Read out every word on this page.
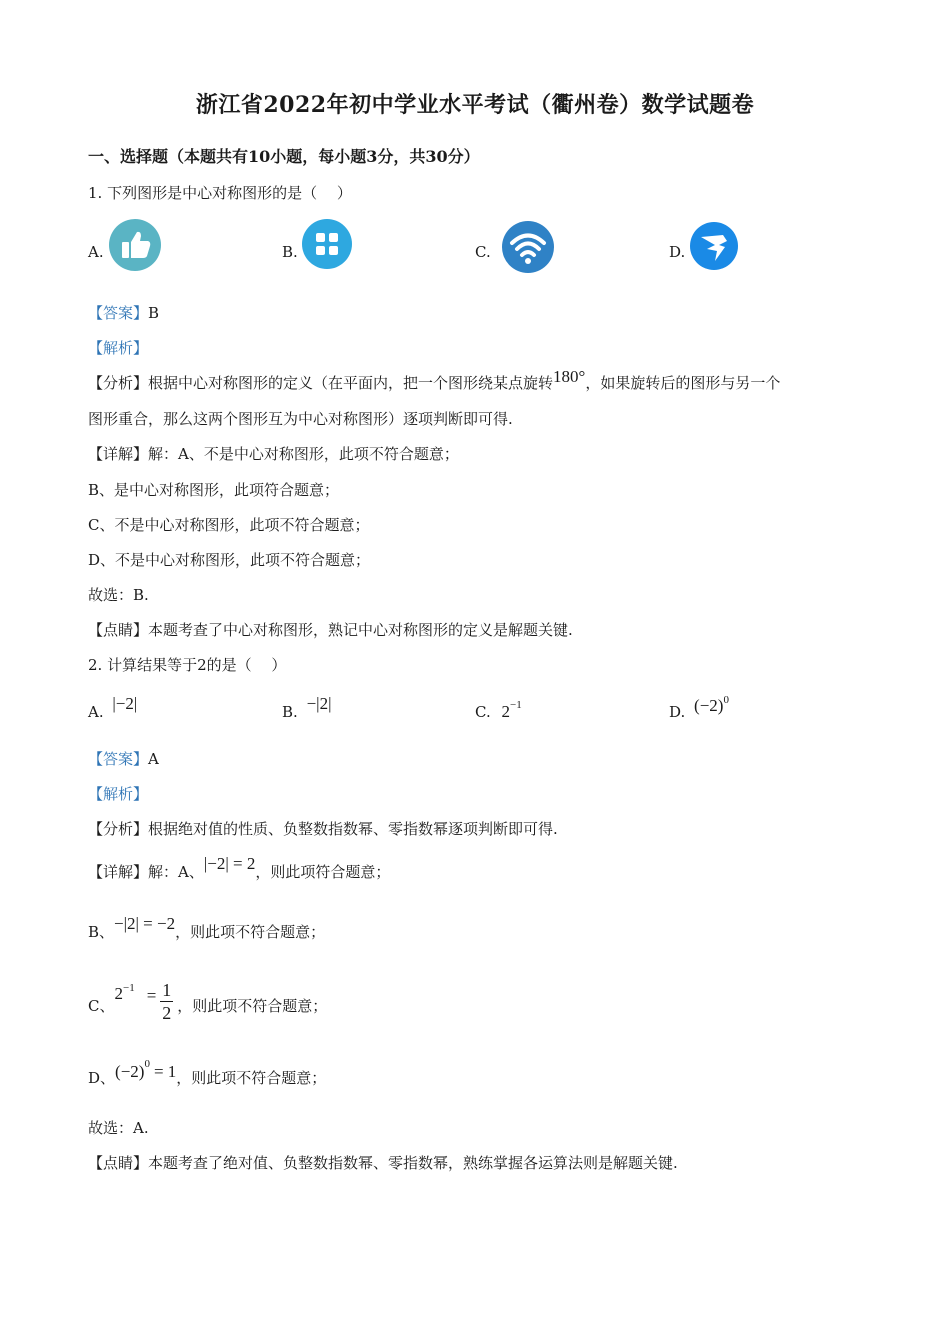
浙江省2022年初中学业水平考试（衢州卷）数学试题卷
一、选择题（本题共有10小题，每小题3分，共30分）
1. 下列图形是中心对称图形的是（　 ）
A.	B.	C.	D.
【答案】B
【解析】
【分析】根据中心对称图形的定义（在平面内，把一个图形绕某点旋转180°，如果旋转后的图形与另一个
图形重合，那么这两个图形互为中心对称图形）逐项判断即可得.
【详解】解：A、不是中心对称图形，此项不符合题意；
B、是中心对称图形，此项符合题意；
C、不是中心对称图形，此项不符合题意；
D、不是中心对称图形，此项不符合题意；
故选：B.
【点睛】本题考查了中心对称图形，熟记中心对称图形的定义是解题关键.
2. 计算结果等于2的是（　 ）
A. |−2|	B. −|2|	C. $2^{-1}$	D. $(-2)^0$
【答案】A
【解析】
【分析】根据绝对值的性质、负整数指数幂、零指数幂逐项判断即可得.
【详解】解：A、|−2| = 2，则此项符合题意；
B、−|2| = −2，则此项不符合题意；
C、$2^{-1} = \frac{1}{2}$ ，则此项不符合题意；
D、$(-2)^0 = 1$，则此项不符合题意；
故选：A.
【点睛】本题考查了绝对值、负整数指数幂、零指数幂，熟练掌握各运算法则是解题关键.
